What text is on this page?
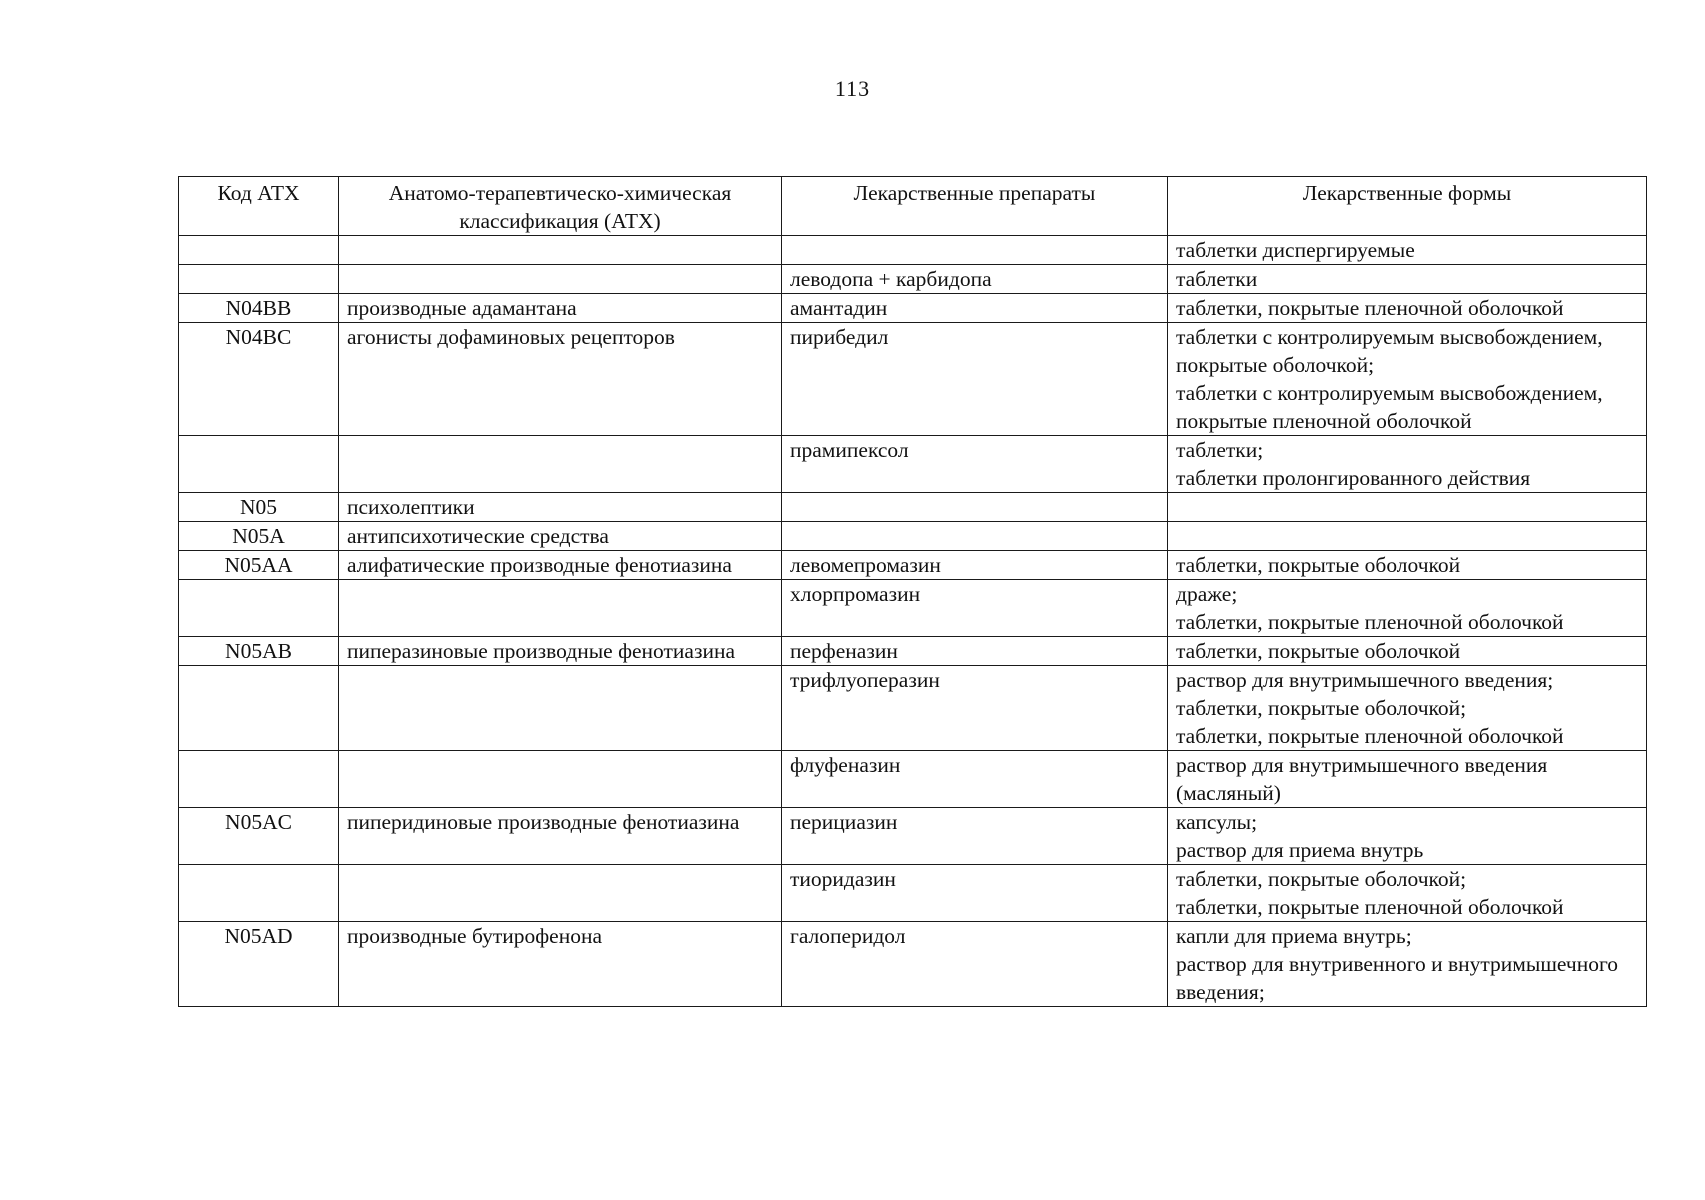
113
Код АТХ	Анатомо-терапевтическо-химическая классификация (АТХ)	Лекарственные препараты	Лекарственные формы

			таблетки диспергируемые

		леводопа + карбидопа	таблетки

N04BB	производные адамантана	амантадин	таблетки, покрытые пленочной оболочкой

N04BC	агонисты дофаминовых рецепторов	пирибедил	таблетки с контролируемым высвобождением, покрытые оболочкой;
таблетки с контролируемым высвобождением, покрытые пленочной оболочкой

		прамипексол	таблетки;
таблетки пролонгированного действия

N05	психолептики		
N05A	антипсихотические средства		
N05AA	алифатические производные фенотиазина	левомепромазин	таблетки, покрытые оболочкой

		хлорпромазин	драже;
таблетки, покрытые пленочной оболочкой

N05AB	пиперазиновые производные фенотиазина	перфеназин	таблетки, покрытые оболочкой

		трифлуоперазин	раствор для внутримышечного введения;
таблетки, покрытые оболочкой;
таблетки, покрытые пленочной оболочкой

		флуфеназин	раствор для внутримышечного введения (масляный)

N05AC	пиперидиновые производные фенотиазина	перициазин	капсулы;
раствор для приема внутрь

		тиоридазин	таблетки, покрытые оболочкой;
таблетки, покрытые пленочной оболочкой

N05AD	производные бутирофенона	галоперидол	капли для приема внутрь;
раствор для внутривенного и внутримышечного введения;
